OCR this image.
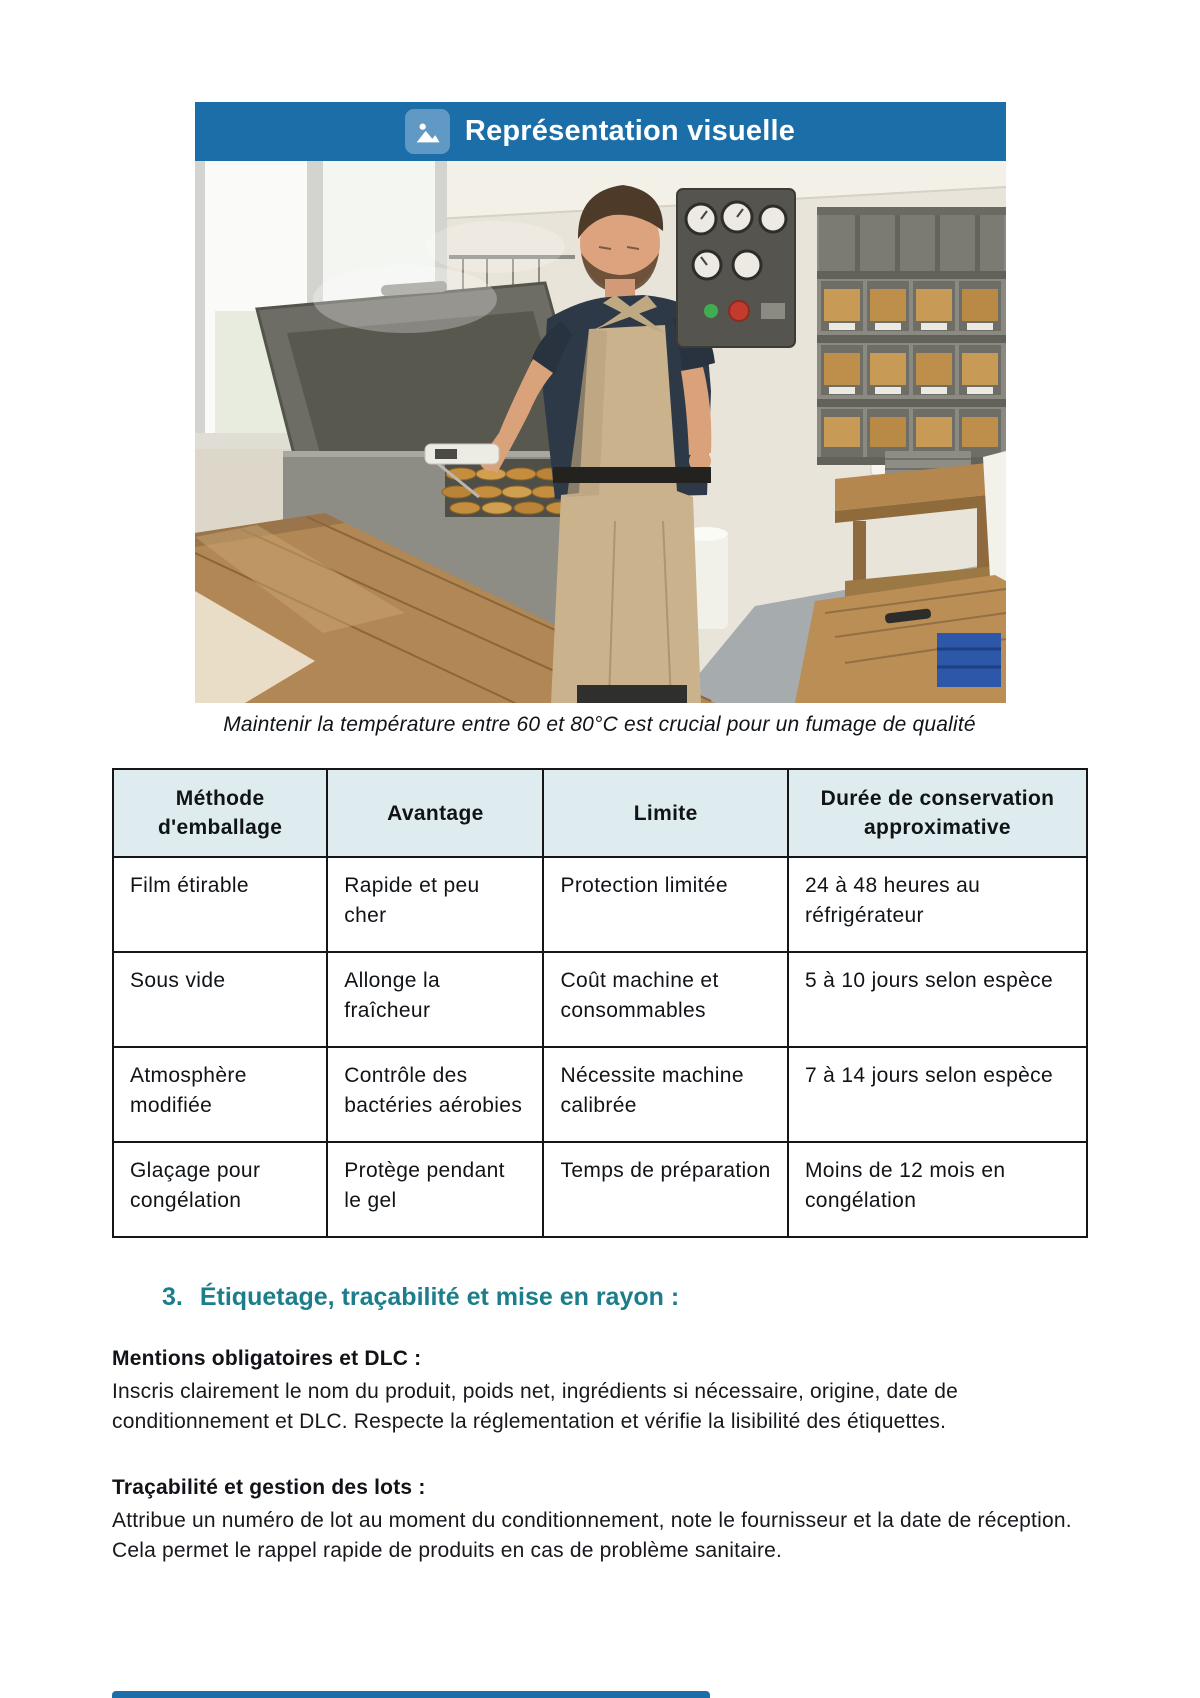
Représentation visuelle
Maintenir la température entre 60 et 80°C est crucial pour un fumage de qualité
Méthode d'emballage	Avantage	Limite	Durée de conservation approximative
Film étirable	Rapide et peu cher	Protection limitée	24 à 48 heures au réfrigérateur
Sous vide	Allonge la fraîcheur	Coût machine et consommables	5 à 10 jours selon espèce
Atmosphère modifiée	Contrôle des bactéries aérobies	Nécessite machine calibrée	7 à 14 jours selon espèce
Glaçage pour congélation	Protège pendant le gel	Temps de préparation	Moins de 12 mois en congélation
3. Étiquetage, traçabilité et mise en rayon :

Mentions obligatoires et DLC :

Inscris clairement le nom du produit, poids net, ingrédients si nécessaire, origine, date de conditionnement et DLC. Respecte la réglementation et vérifie la lisibilité des étiquettes.

Traçabilité et gestion des lots :

Attribue un numéro de lot au moment du conditionnement, note le fournisseur et la date de réception. Cela permet le rappel rapide de produits en cas de problème sanitaire.
